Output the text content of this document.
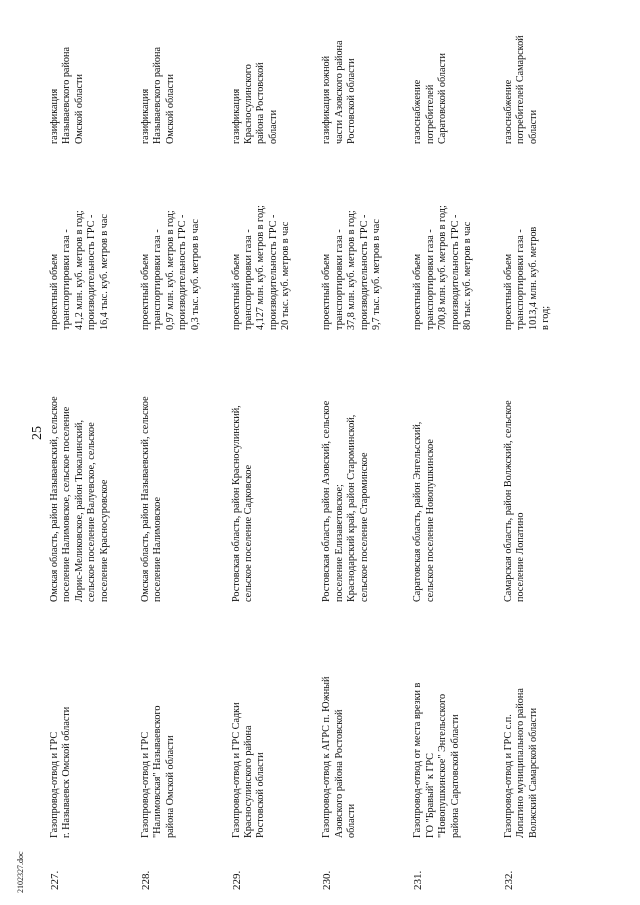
25
227.
Газопровод-отвод и ГРС
г. Называевск Омской области
Омская область, район Называевский, сельское
поселение Налимовское, сельское поселение
Лорис-Меликовское, район Тюкалинский,
сельское поселение Валуевское, сельское
поселение Красносуровское
проектный объем
транспортировки газа -
41,2 млн. куб. метров в год;
производительность ГРС -
16,4 тыс. куб. метров в час
газификация
Называевского района
Омской области
228.
Газопровод-отвод и ГРС
"Налимовская" Называевского
района Омской области
Омская область, район Называевский, сельское
поселение Налимовское
проектный объем
транспортировки газа -
0,97 млн. куб. метров в год;
производительность ГРС -
0,3 тыс. куб. метров в час
газификация
Называевского района
Омской области
229.
Газопровод-отвод и ГРС Садки
Красносулинского района
Ростовской области
Ростовская область, район Красносулинский,
сельское поселение Садковское
проектный объем
транспортировки газа -
4,127 млн. куб. метров в год;
производительность ГРС -
20 тыс. куб. метров в час
газификация
Красносулинского
района Ростовской
области
230.
Газопровод-отвод к АГРС п. Южный
Азовского района Ростовской
области
Ростовская область, район Азовский, сельское
поселение Елизаветовское;
Краснодарский край, район Староминской,
сельское поселение Староминское
проектный объем
транспортировки газа -
37,8 млн. куб. метров в год;
производительность ГРС -
9,7 тыс. куб. метров в час
газификация южной
части Азовского района
Ростовской области
231.
Газопровод-отвод от места врезки в
ГО "Бравый" к ГРС
"Новопушкинское" Энгельсского
района Саратовской области
Саратовская область, район Энгельсский,
сельское поселение Новопушкинское
проектный объем
транспортировки газа -
700,8 млн. куб. метров в год;
производительность ГРС -
80 тыс. куб. метров в час
газоснабжение
потребителей
Саратовской области
232.
Газопровод-отвод и ГРС с.п.
Лопатино муниципального района
Волжский Самарской области
Самарская область, район Волжский, сельское
поселение Лопатино
проектный объем
транспортировки газа -
1013,4 млн. куб. метров
в год;
газоснабжение
потребителей Самарской
области
2102327.doc
